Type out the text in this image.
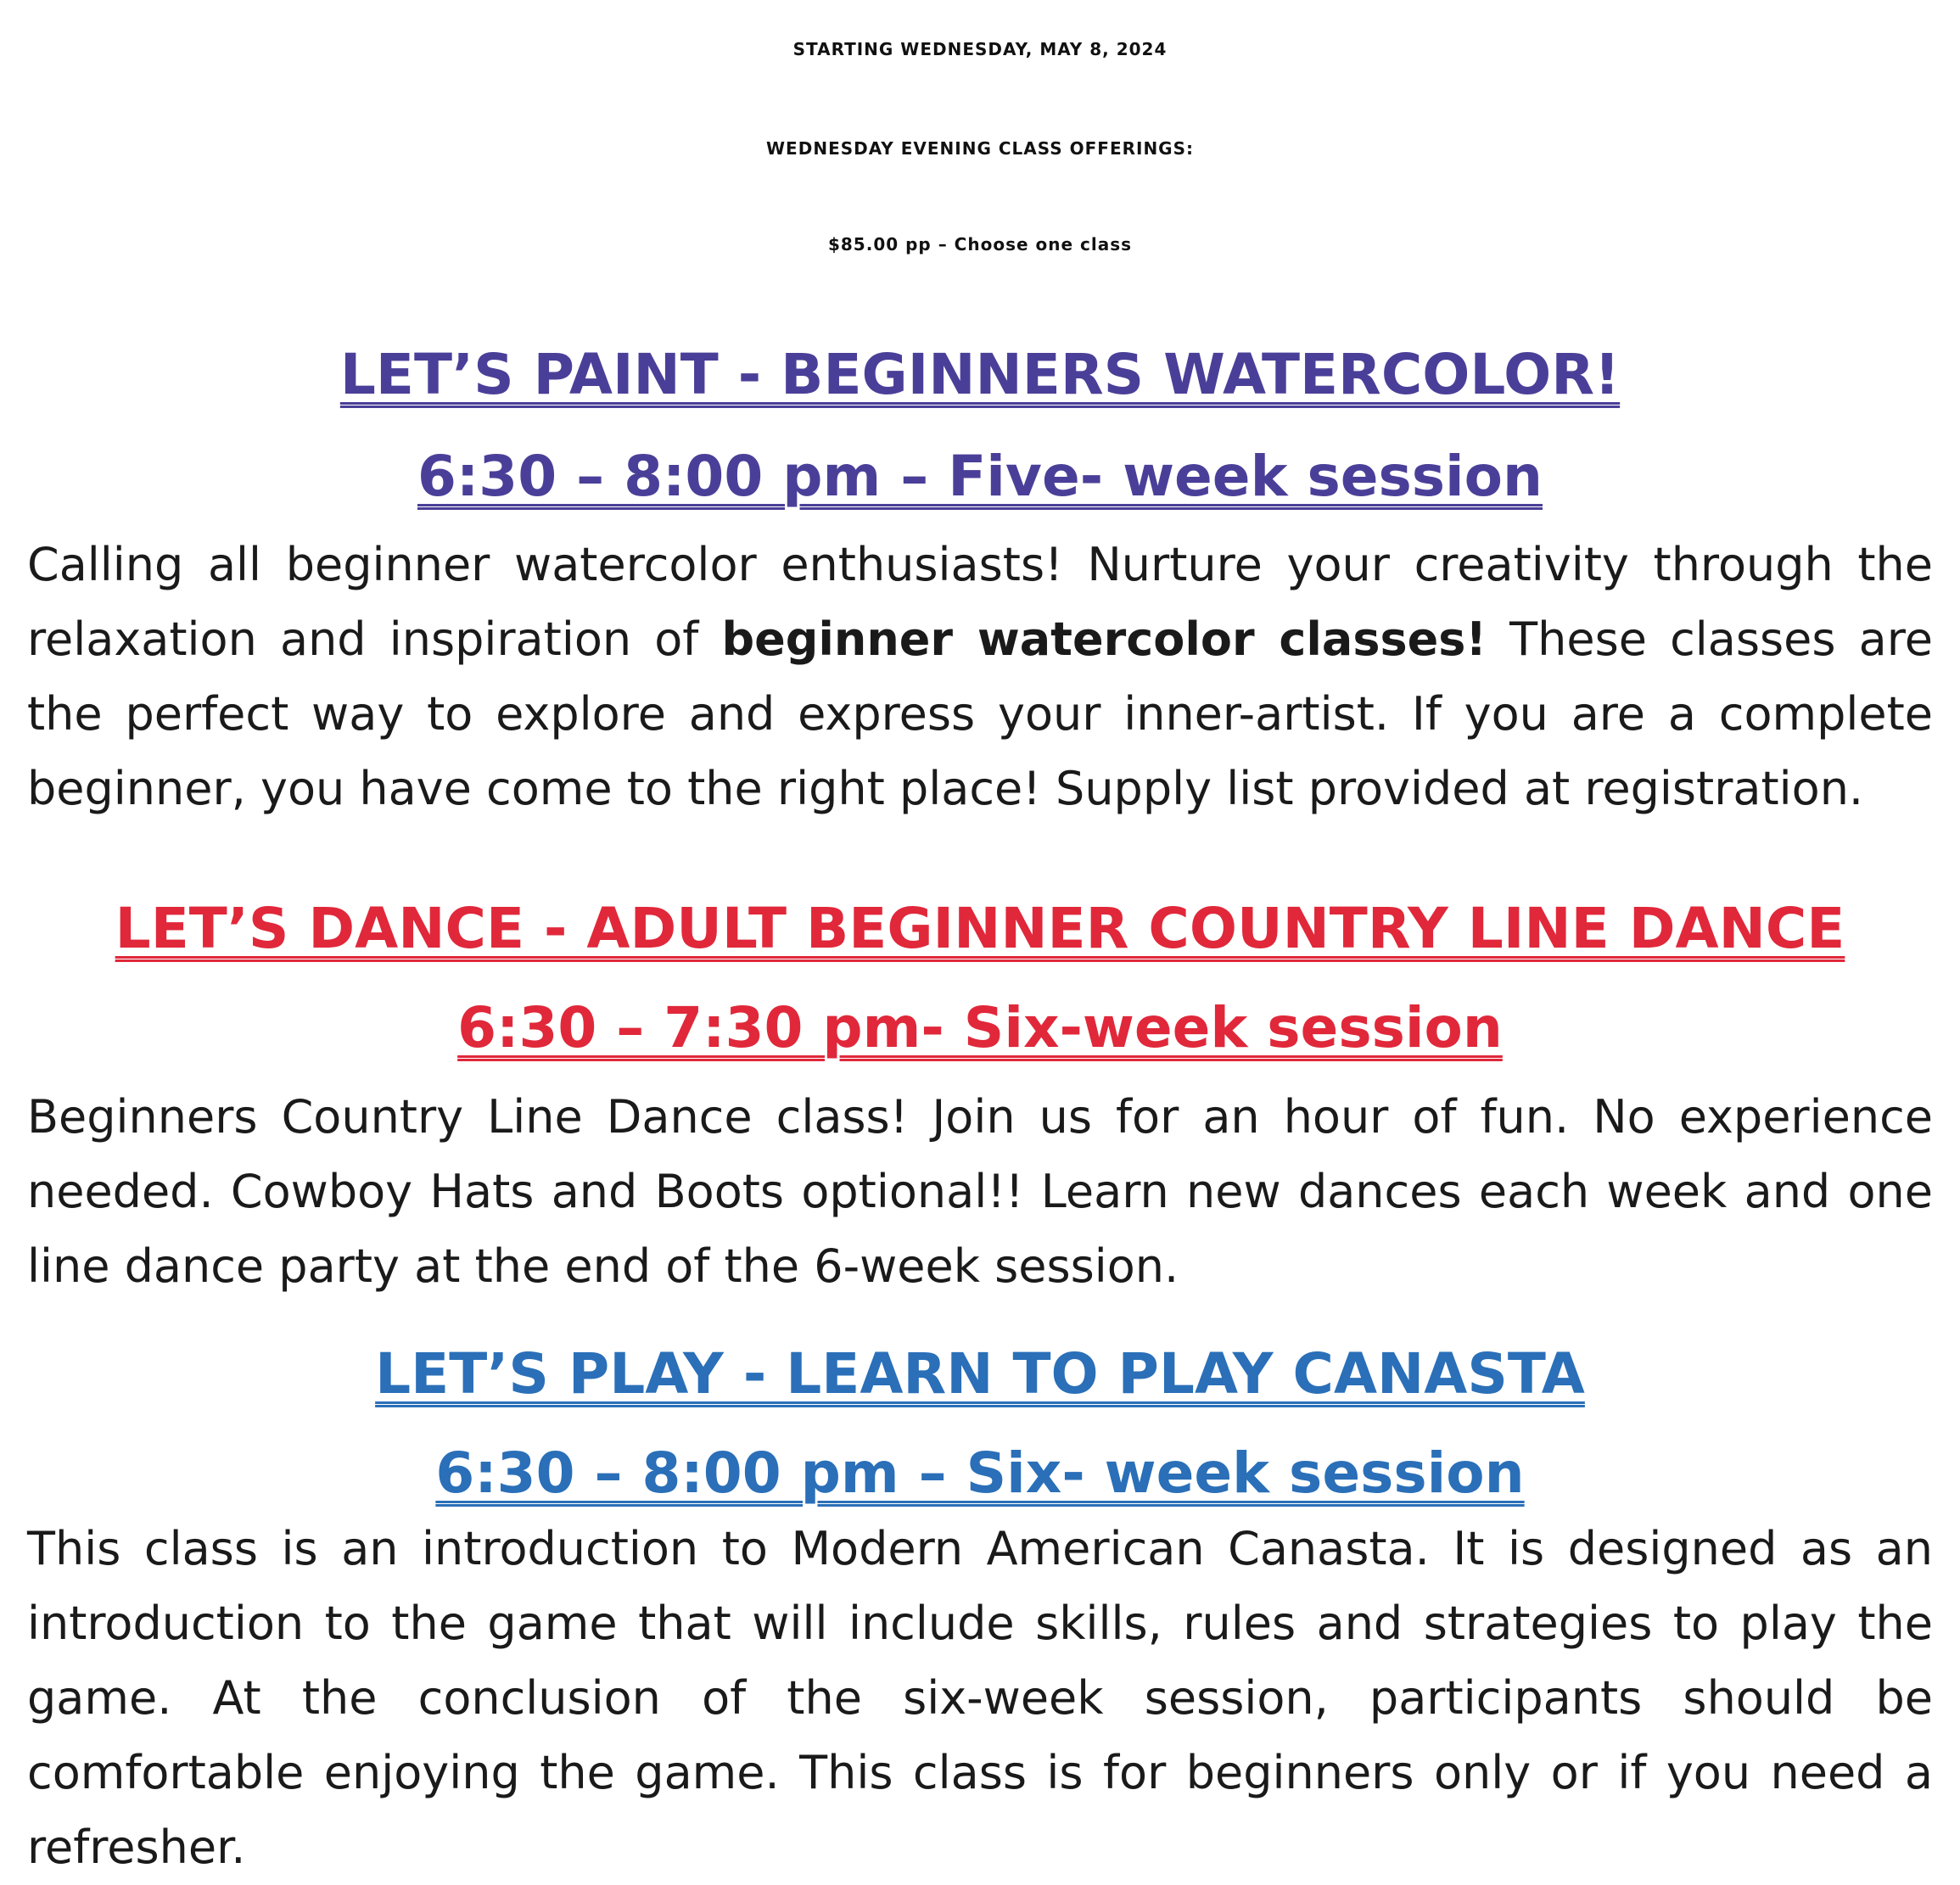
STARTING WEDNESDAY, MAY 8, 2024
WEDNESDAY EVENING CLASS OFFERINGS:
$85.00 pp – Choose one class
LET’S PAINT - BEGINNERS WATERCOLOR!
6:30 – 8:00 pm – Five- week session
Calling all beginner watercolor enthusiasts! Nurture your creativity through the relaxation and inspiration of beginner watercolor classes! These classes are the perfect way to explore and express your inner-artist. If you are a complete beginner, you have come to the right place! Supply list provided at registration.
LET’S DANCE - ADULT BEGINNER COUNTRY LINE DANCE
6:30 – 7:30 pm- Six-week session
Beginners Country Line Dance class! Join us for an hour of fun. No experience needed. Cowboy Hats and Boots optional!! Learn new dances each week and one line dance party at the end of the 6-week session.
LET’S PLAY - LEARN TO PLAY CANASTA
6:30 – 8:00 pm – Six- week session
This class is an introduction to Modern American Canasta. It is designed as an introduction to the game that will include skills, rules and strategies to play the game. At the conclusion of the six-week session, participants should be comfortable enjoying the game. This class is for beginners only or if you need a refresher.
